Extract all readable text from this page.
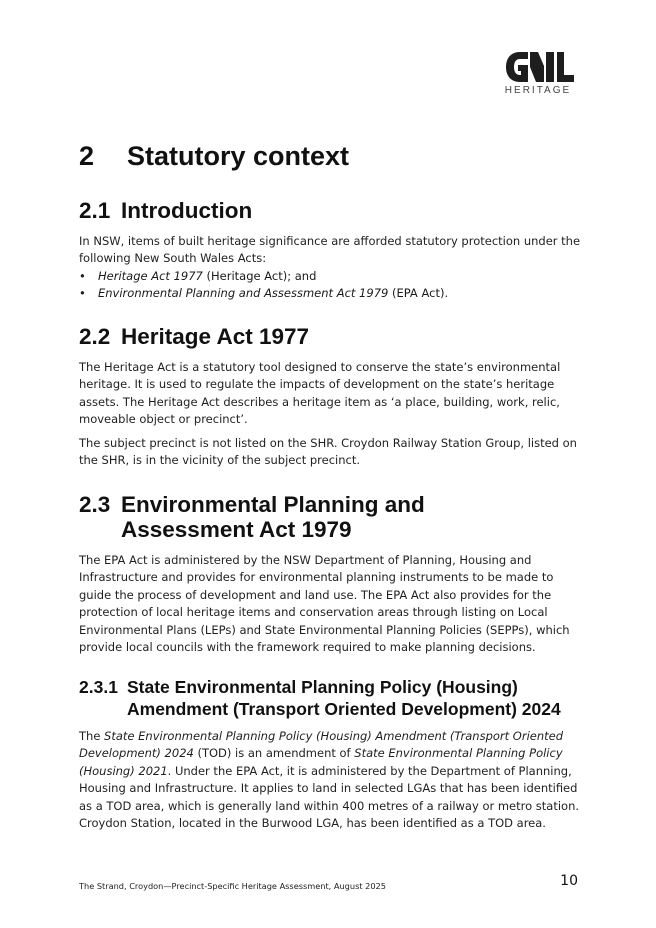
HERITAGE
2 Statutory context
2.1 Introduction

In NSW, items of built heritage significance are afforded statutory protection under the following New South Wales Acts:

• Heritage Act 1977 (Heritage Act); and
• Environmental Planning and Assessment Act 1979 (EPA Act).
2.2 Heritage Act 1977

The Heritage Act is a statutory tool designed to conserve the state’s environmental heritage. It is used to regulate the impacts of development on the state’s heritage assets. The Heritage Act describes a heritage item as ‘a place, building, work, relic, moveable object or precinct’.

The subject precinct is not listed on the SHR. Croydon Railway Station Group, listed on the SHR, is in the vicinity of the subject precinct.

2.3 Environmental Planning and Assessment Act 1979

The EPA Act is administered by the NSW Department of Planning, Housing and Infrastructure and provides for environmental planning instruments to be made to guide the process of development and land use. The EPA Act also provides for the protection of local heritage items and conservation areas through listing on Local Environmental Plans (LEPs) and State Environmental Planning Policies (SEPPs), which provide local councils with the framework required to make planning decisions.

2.3.1 State Environmental Planning Policy (Housing) Amendment (Transport Oriented Development) 2024

The State Environmental Planning Policy (Housing) Amendment (Transport Oriented Development) 2024 (TOD) is an amendment of State Environmental Planning Policy (Housing) 2021. Under the EPA Act, it is administered by the Department of Planning, Housing and Infrastructure. It applies to land in selected LGAs that has been identified as a TOD area, which is generally land within 400 metres of a railway or metro station. Croydon Station, located in the Burwood LGA, has been identified as a TOD area.

The Strand, Croydon—Precinct-Specific Heritage Assessment, August 2025	10
